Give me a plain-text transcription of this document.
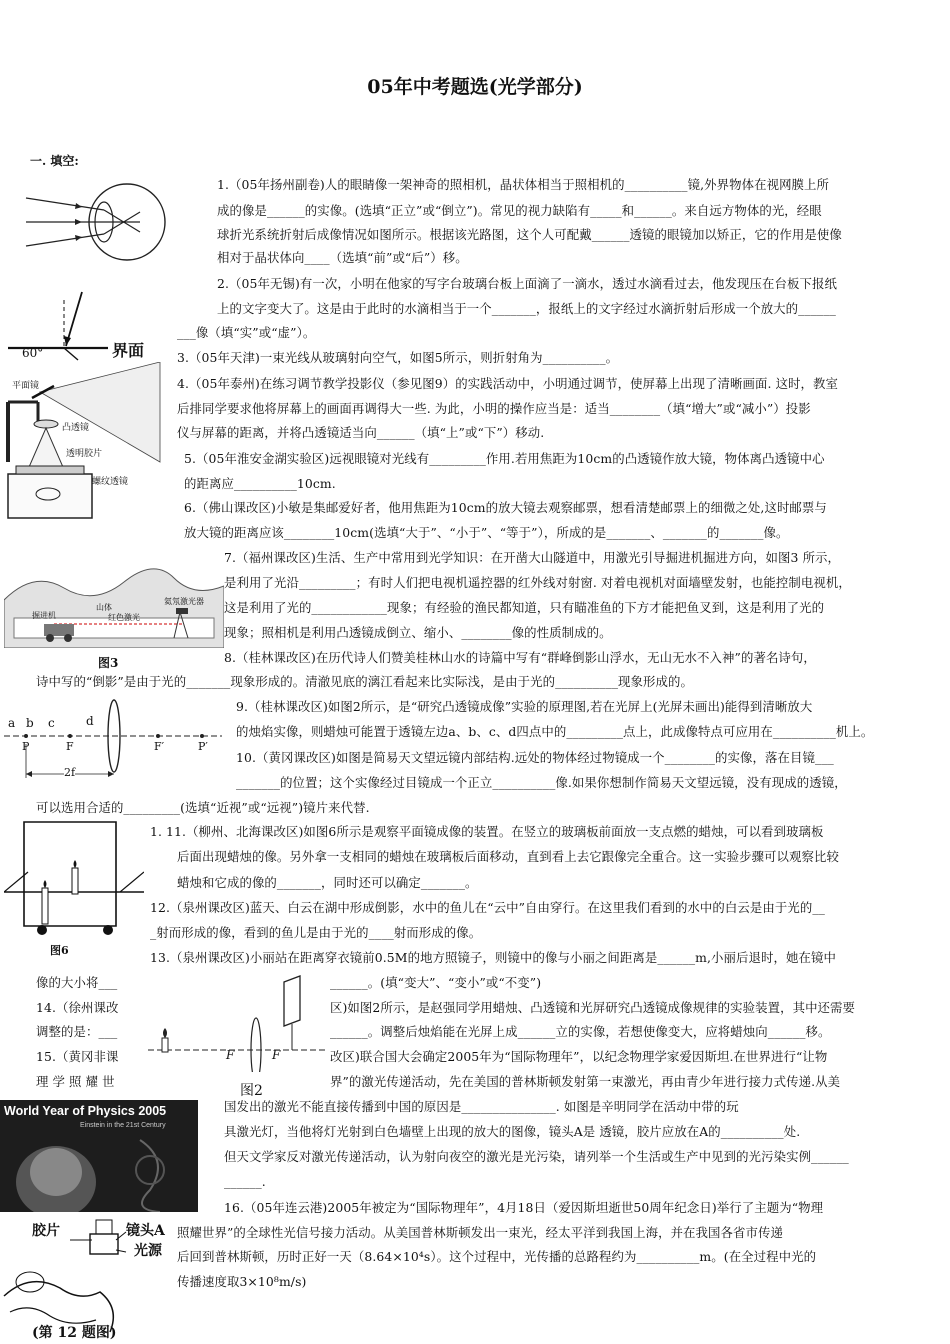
05年中考题选(光学部分)
一. 填空:
1.（05年扬州副卷)人的眼睛像一架神奇的照相机，晶状体相当于照相机的__________镜,外界物体在视网膜上所
成的像是______的实像。(选填“正立”或“倒立”)。常见的视力缺陷有_____和______。来自远方物体的光，经眼
球折光系统折射后成像情况如图所示。根据该光路图，这个人可配戴______透镜的眼镜加以矫正，它的作用是使像
相对于晶状体向____（选填“前”或“后”）移。
2.（05年无锡)有一次，小明在他家的写字台玻璃台板上面滴了一滴水，透过水滴看过去，他发现压在台板下报纸
上的文字变大了。这是由于此时的水滴相当于一个_______，报纸上的文字经过水滴折射后形成一个放大的______
___像（填“实”或“虚”）。
3.（05年天津)一束光线从玻璃射向空气，如图5所示，则折射角为__________。
4.（05年泰州)在练习调节教学投影仪（参见图9）的实践活动中，小明通过调节，使屏幕上出现了清晰画面. 这时，教室
后排同学要求他将屏幕上的画面再调得大一些. 为此，小明的操作应当是：适当________（填“增大”或“减小”）投影
仪与屏幕的距离，并将凸透镜适当向______（填“上”或“下”）移动.
5.（05年淮安金湖实验区)远视眼镜对光线有_________作用.若用焦距为10cm的凸透镜作放大镜，物体离凸透镜中心
的距离应__________10cm.
6.（佛山课改区)小敏是集邮爱好者，他用焦距为10cm的放大镜去观察邮票，想看清楚邮票上的细微之处,这时邮票与
放大镜的距离应该________10cm(选填“大于”、“小于”、“等于”），所成的是_______、_______的_______像。
7.（福州课改区)生活、生产中常用到光学知识：在开凿大山隧道中，用激光引导掘进机掘进方向，如图3 所示，
是利用了光沿_________；有时人们把电视机遥控器的红外线对射窗. 对着电视机对面墙壁发射，也能控制电视机，
这是利用了光的____________现象；有经验的渔民都知道，只有瞄准鱼的下方才能把鱼叉到，这是利用了光的
现象；照相机是利用凸透镜成倒立、缩小、________像的性质制成的。
8.（桂林课改区)在历代诗人们赞美桂林山水的诗篇中写有“群峰倒影山浮水，无山无水不入神”的著名诗句，
诗中写的“倒影”是由于光的_______现象形成的。清澈见底的漓江看起来比实际浅，是由于光的__________现象形成的。
9.（桂林课改区)如图2所示，是“研究凸透镜成像”实验的原理图,若在光屏上(光屏未画出)能得到清晰放大
的烛焰实像，则蜡烛可能置于透镜左边a、b、c、d四点中的_________点上，此成像特点可应用在__________机上。
10.（黄冈课改区)如图是简易天文望远镜内部结构.远处的物体经过物镜成一个________的实像，落在目镜___
_______的位置；这个实像经过目镜成一个正立__________像.如果你想制作简易天文望远镜，没有现成的透镜，
可以选用合适的_________(选填“近视”或“远视”)镜片来代替.
1. 11.（柳州、北海课改区)如图6所示是观察平面镜成像的装置。在竖立的玻璃板前面放一支点燃的蜡烛，可以看到玻璃板
后面出现蜡烛的像。另外拿一支相同的蜡烛在玻璃板后面移动，直到看上去它跟像完全重合。这一实验步骤可以观察比较
蜡烛和它成的像的_______，同时还可以确定_______。
12.（泉州课改区)蓝天、白云在湖中形成倒影，水中的鱼儿在“云中”自由穿行。在这里我们看到的水中的白云是由于光的__
_射而形成的像，看到的鱼儿是由于光的____射而形成的像。
13.（泉州课改区)小丽站在距离穿衣镜前0.5M的地方照镜子，则镜中的像与小丽之间距离是______m,小丽后退时，她在镜中
像的大小将___	______。(填“变大”、“变小”或“不变”)
14.（徐州课改	区)如图2所示，是赵强同学用蜡烛、凸透镜和光屏研究凸透镜成像规律的实验装置，其中还需要
调整的是：___	______。调整后烛焰能在光屏上成______立的实像，若想使像变大，应将蜡烛向______移。
15.（黄冈非课	改区)联合国大会确定2005年为“国际物理年”，以纪念物理学家爱因斯坦.在世界进行“让物
理 学 照 耀 世	界”的激光传递活动，先在美国的普林斯顿发射第一束激光，再由青少年进行接力式传递.从美
国发出的激光不能直接传播到中国的原因是_______________. 如图是辛明同学在活动中带的玩
具激光灯，当他将灯光射到白色墙壁上出现的放大的图像，镜头A是 透镜，胶片应放在A的__________处.
但天文学家反对激光传递活动，认为射向夜空的激光是光污染，请列举一个生活或生产中见到的光污染实例______
______.
16.（05年连云港)2005年被定为“国际物理年”，4月18日（爱因斯坦逝世50周年纪念日)举行了主题为“物理
照耀世界”的全球性光信号接力活动。从美国普林斯顿发出一束光，经太平洋到我国上海，并在我国各省市传递
后回到普林斯顿，历时正好一天（8.64×10⁴s）。这个过程中，光传播的总路程约为__________m。(在全过程中光的
传播速度取3×10⁸m/s)
60°	界面
平面镜
凸透镜
透明胶片
螺纹透镜
山体
红色激光
氦氖激光器
掘进机
图3
a b c	d
P	F	F′	P′
2f
图6
F	F
图2
World Year of Physics 2005
Einstein in the 21st Century
胶片	镜头A
光源
(第 12 题图)
